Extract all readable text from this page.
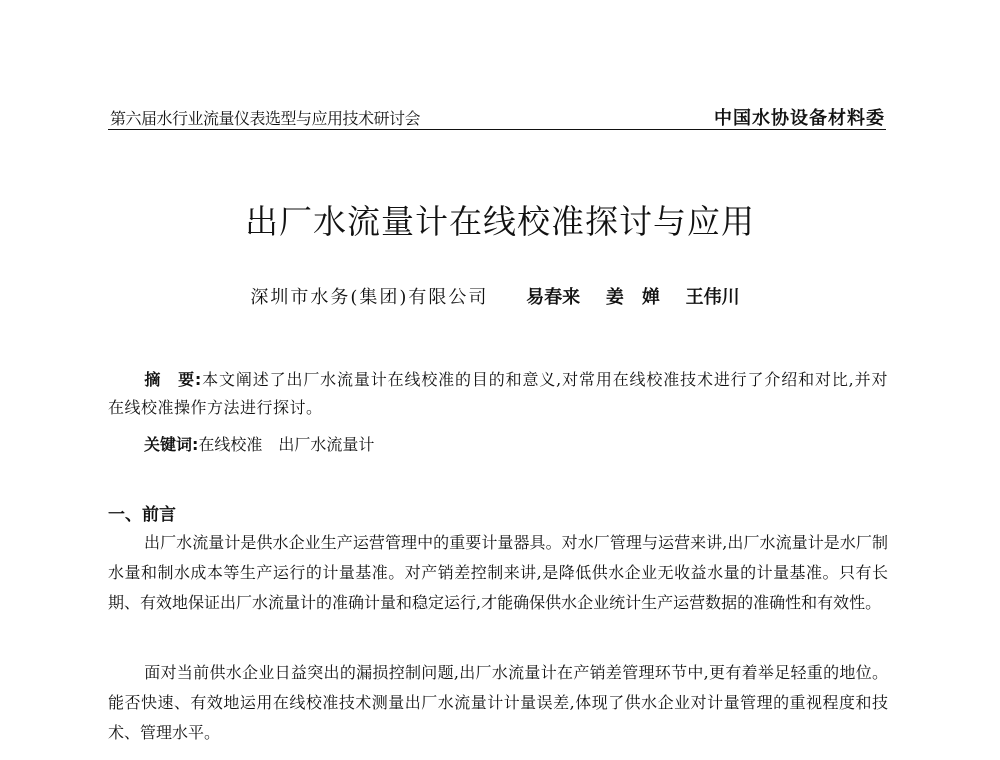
第六届水行业流量仪表选型与应用技术研讨会	中国水协设备材料委
出厂水流量计在线校准探讨与应用
深圳市水务(集团)有限公司 易春来 姜　婵 王伟川
摘　要:本文阐述了出厂水流量计在线校准的目的和意义,对常用在线校准技术进行了介绍和对比,并对在线校准操作方法进行探讨。
关键词:在线校准　出厂水流量计
一、前言
出厂水流量计是供水企业生产运营管理中的重要计量器具。对水厂管理与运营来讲,出厂水流量计是水厂制水量和制水成本等生产运行的计量基准。对产销差控制来讲,是降低供水企业无收益水量的计量基准。只有长期、有效地保证出厂水流量计的准确计量和稳定运行,才能确保供水企业统计生产运营数据的准确性和有效性。
面对当前供水企业日益突出的漏损控制问题,出厂水流量计在产销差管理环节中,更有着举足轻重的地位。能否快速、有效地运用在线校准技术测量出厂水流量计计量误差,体现了供水企业对计量管理的重视程度和技术、管理水平。
